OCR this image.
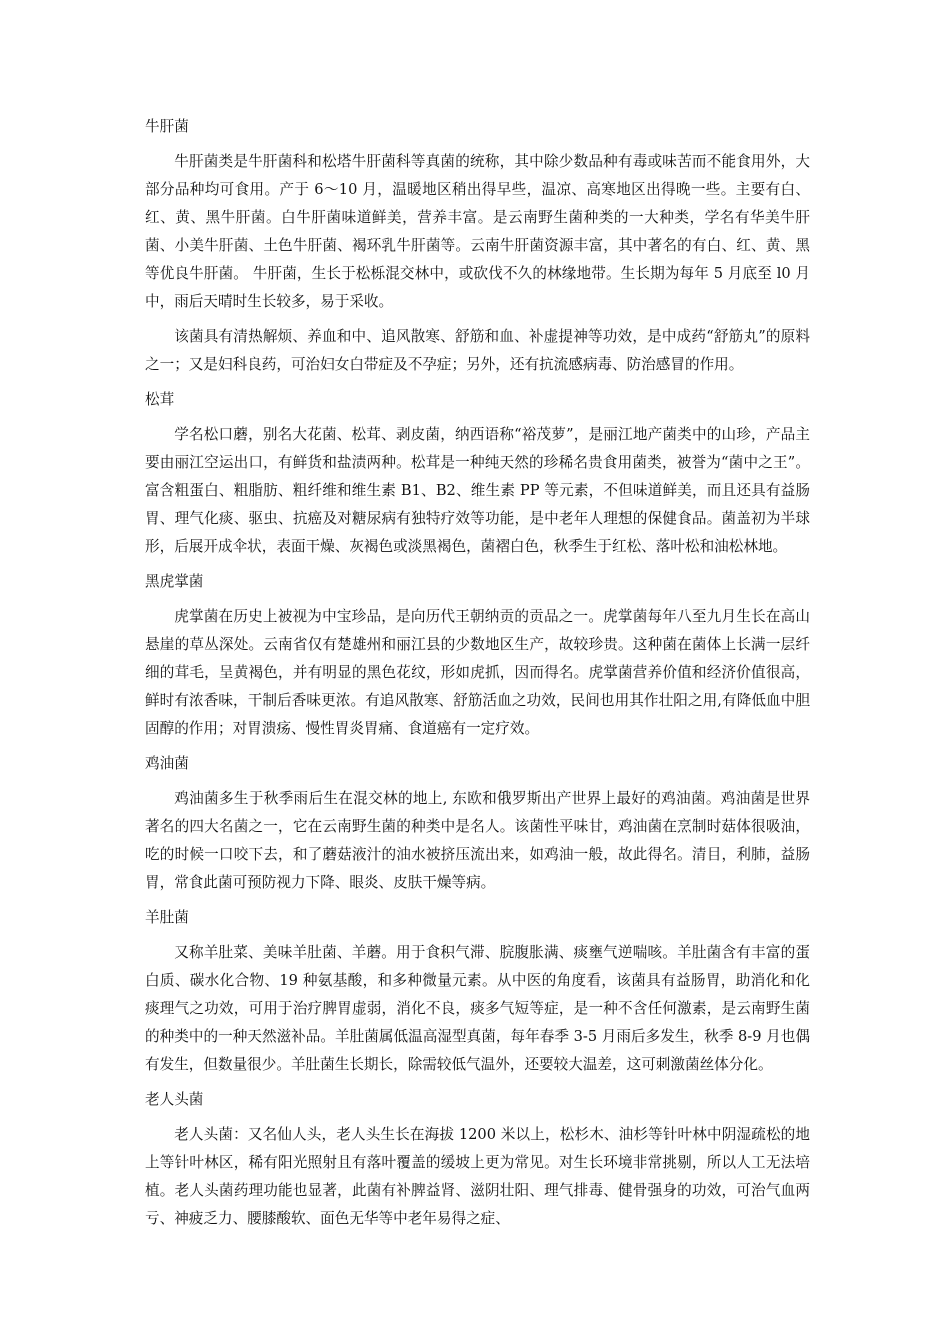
牛肝菌

牛肝菌类是牛肝菌科和松塔牛肝菌科等真菌的统称，其中除少数品种有毒或味苦而不能食用外，大部分品种均可食用。产于 6～10 月，温暖地区稍出得早些，温凉、高寒地区出得晚一些。主要有白、红、黄、黑牛肝菌。白牛肝菌味道鲜美，营养丰富。是云南野生菌种类的一大种类，学名有华美牛肝菌、小美牛肝菌、土色牛肝菌、褐环乳牛肝菌等。云南牛肝菌资源丰富，其中著名的有白、红、黄、黑等优良牛肝菌。 牛肝菌，生长于松栎混交林中，或砍伐不久的林缘地带。生长期为每年 5 月底至 l0 月中，雨后天晴时生长较多，易于采收。

该菌具有清热解烦、养血和中、追风散寒、舒筋和血、补虚提神等功效，是中成药“舒筋丸”的原料之一；又是妇科良药，可治妇女白带症及不孕症；另外，还有抗流感病毒、防治感冒的作用。

松茸

学名松口蘑，别名大花菌、松茸、剥皮菌，纳西语称“裕茂萝”，是丽江地产菌类中的山珍，产品主要由丽江空运出口，有鲜货和盐渍两种。松茸是一种纯天然的珍稀名贵食用菌类，被誉为“菌中之王”。富含粗蛋白、粗脂肪、粗纤维和维生素 B1、B2、维生素 PP 等元素，不但味道鲜美，而且还具有益肠胃、理气化痰、驱虫、抗癌及对糖尿病有独特疗效等功能，是中老年人理想的保健食品。菌盖初为半球形，后展开成伞状，表面干燥、灰褐色或淡黑褐色，菌褶白色，秋季生于红松、落叶松和油松林地。

黑虎掌菌

虎掌菌在历史上被视为中宝珍品，是向历代王朝纳贡的贡品之一。虎掌菌每年八至九月生长在高山悬崖的草丛深处。云南省仅有楚雄州和丽江县的少数地区生产，故较珍贵。这种菌在菌体上长满一层纤细的茸毛，呈黄褐色，并有明显的黑色花纹，形如虎抓，因而得名。虎掌菌营养价值和经济价值很高，鲜时有浓香味，干制后香味更浓。有追风散寒、舒筋活血之功效，民间也用其作壮阳之用,有降低血中胆固醇的作用；对胃溃疡、慢性胃炎胃痛、食道癌有一定疗效。

鸡油菌

鸡油菌多生于秋季雨后生在混交林的地上, 东欧和俄罗斯出产世界上最好的鸡油菌。鸡油菌是世界著名的四大名菌之一，它在云南野生菌的种类中是名人。该菌性平味甘，鸡油菌在烹制时菇体很吸油，吃的时候一口咬下去，和了蘑菇液汁的油水被挤压流出来，如鸡油一般，故此得名。清目，利肺，益肠胃，常食此菌可预防视力下降、眼炎、皮肤干燥等病。

羊肚菌

又称羊肚菜、美味羊肚菌、羊蘑。用于食积气滞、脘腹胀满、痰壅气逆喘咳。羊肚菌含有丰富的蛋白质、碳水化合物、19 种氨基酸，和多种微量元素。从中医的角度看，该菌具有益肠胃，助消化和化痰理气之功效，可用于治疗脾胃虚弱，消化不良，痰多气短等症，是一种不含任何激素，是云南野生菌的种类中的一种天然滋补品。羊肚菌属低温高湿型真菌，每年春季 3-5 月雨后多发生，秋季 8-9 月也偶有发生，但数量很少。羊肚菌生长期长，除需较低气温外，还要较大温差，这可刺激菌丝体分化。

老人头菌

老人头菌：又名仙人头，老人头生长在海拔 1200 米以上，松杉木、油杉等针叶林中阴湿疏松的地上等针叶林区，稀有阳光照射且有落叶覆盖的缓坡上更为常见。对生长环境非常挑剔，所以人工无法培植。老人头菌药理功能也显著，此菌有补脾益肾、滋阴壮阳、理气排毒、健骨强身的功效，可治气血两亏、神疲乏力、腰膝酸软、面色无华等中老年易得之症、
